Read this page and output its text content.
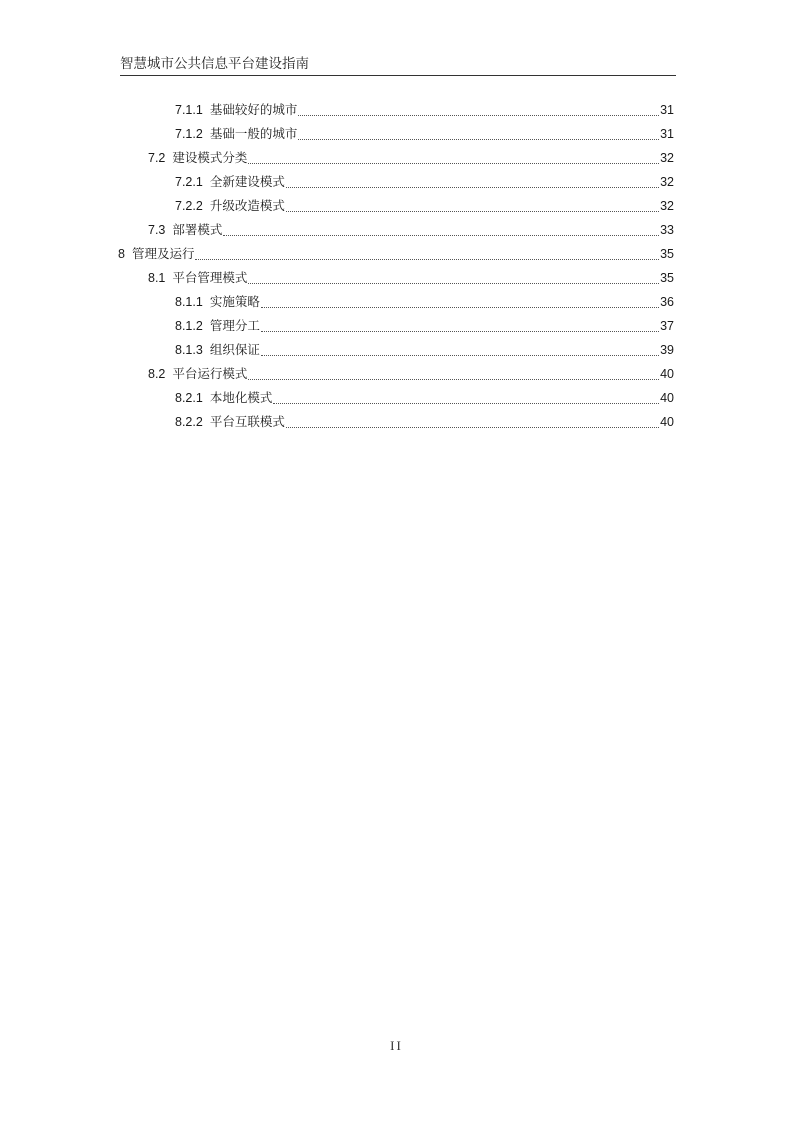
智慧城市公共信息平台建设指南
7.1.1 基础较好的城市	31
7.1.2 基础一般的城市	31
7.2 建设模式分类	32
7.2.1 全新建设模式	32
7.2.2 升级改造模式	32
7.3 部署模式	33
8 管理及运行	35
8.1 平台管理模式	35
8.1.1 实施策略	36
8.1.2 管理分工	37
8.1.3 组织保证	39
8.2 平台运行模式	40
8.2.1 本地化模式	40
8.2.2 平台互联模式	40
II
